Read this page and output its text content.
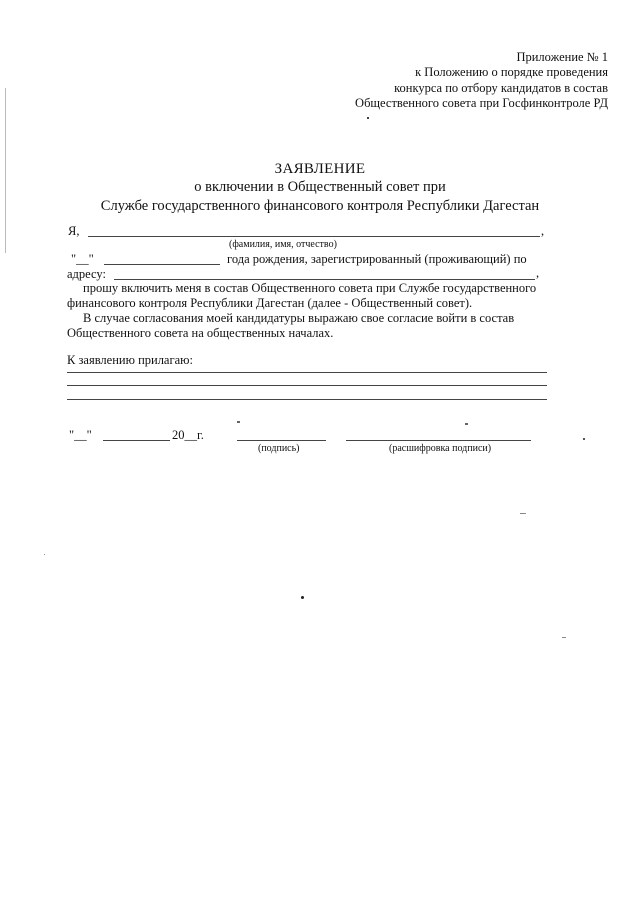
Приложение № 1
к Положению о порядке проведения
конкурса по отбору кандидатов в состав
Общественного совета при Госфинконтроле РД
ЗАЯВЛЕНИЕ
о включении в Общественный совет при
Службе государственного финансового контроля Республики Дагестан
Я,	,
(фамилия, имя, отчество)
"__"	года рождения, зарегистрированный (проживающий) по
адресу:	,
прошу включить меня в состав Общественного совета при Службе государственного
финансового контроля Республики Дагестан (далее - Общественный совет).
В случае согласования моей кандидатуры выражаю свое согласие войти в состав
Общественного совета на общественных началах.
К заявлению прилагаю:
"__"	20__г.
(подпись)	(расшифровка подписи)
